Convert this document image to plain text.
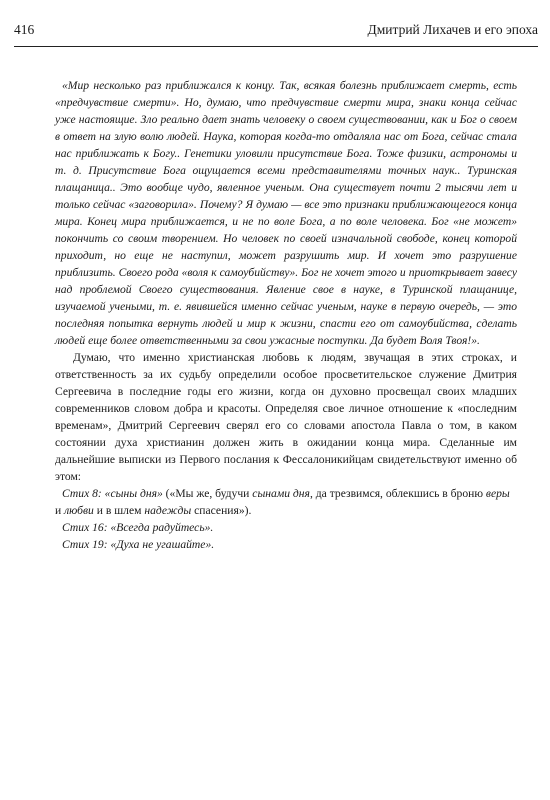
416	Дмитрий Лихачев и его эпоха

«Мир несколько раз приближался к концу. Так, всякая болезнь приближает смерть, есть «предчувствие смерти». Но, думаю, что предчувствие смерти мира, знаки конца сейчас уже настоящие. Зло реально дает знать человеку о своем существовании, как и Бог о своем в ответ на злую волю людей. Наука, которая когда-то отдаляла нас от Бога, сейчас стала нас приближать к Богу.. Генетики уловили присутствие Бога. Тоже физики, астрономы и т. д. Присутствие Бога ощущается всеми представителями точных наук.. Туринская плащаница.. Это вообще чудо, явленное ученым. Она существует почти 2 тысячи лет и только сейчас «заговорила». Почему? Я думаю — все это признаки приближающегося конца мира. Конец мира приближается, и не по воле Бога, а по воле человека. Бог «не может» покончить со своим творением. Но человек по своей изначальной свободе, конец которой приходит, но еще не наступил, может разрушить мир. И хочет это разрушение приблизить. Своего рода «воля к самоубийству». Бог не хочет этого и приоткрывает завесу над проблемой Своего существования. Явление свое в науке, в Туринской плащанице, изучаемой учеными, т. е. явившейся именно сейчас ученым, науке в первую очередь, — это последняя попытка вернуть людей и мир к жизни, спасти его от самоубийства, сделать людей еще более ответственными за свои ужасные поступки. Да будет Воля Твоя!».

Думаю, что именно христианская любовь к людям, звучащая в этих строках, и ответственность за их судьбу определили особое просветительское служение Дмитрия Сергеевича в последние годы его жизни, когда он духовно просвещал своих младших современников словом добра и красоты. Определяя свое личное отношение к «последним временам», Дмитрий Сергеевич сверял его со словами апостола Павла о том, в каком состоянии духа христианин должен жить в ожидании конца мира. Сделанные им дальнейшие выписки из Первого послания к Фессалоникийцам свидетельствуют именно об этом:

Стих 8: «сыны дня» («Мы же, будучи сынами дня, да трезвимся, облекшись в броню веры и любви и в шлем надежды спасения»).

Стих 16: «Всегда радуйтесь».

Стих 19: «Духа не угашайте».
